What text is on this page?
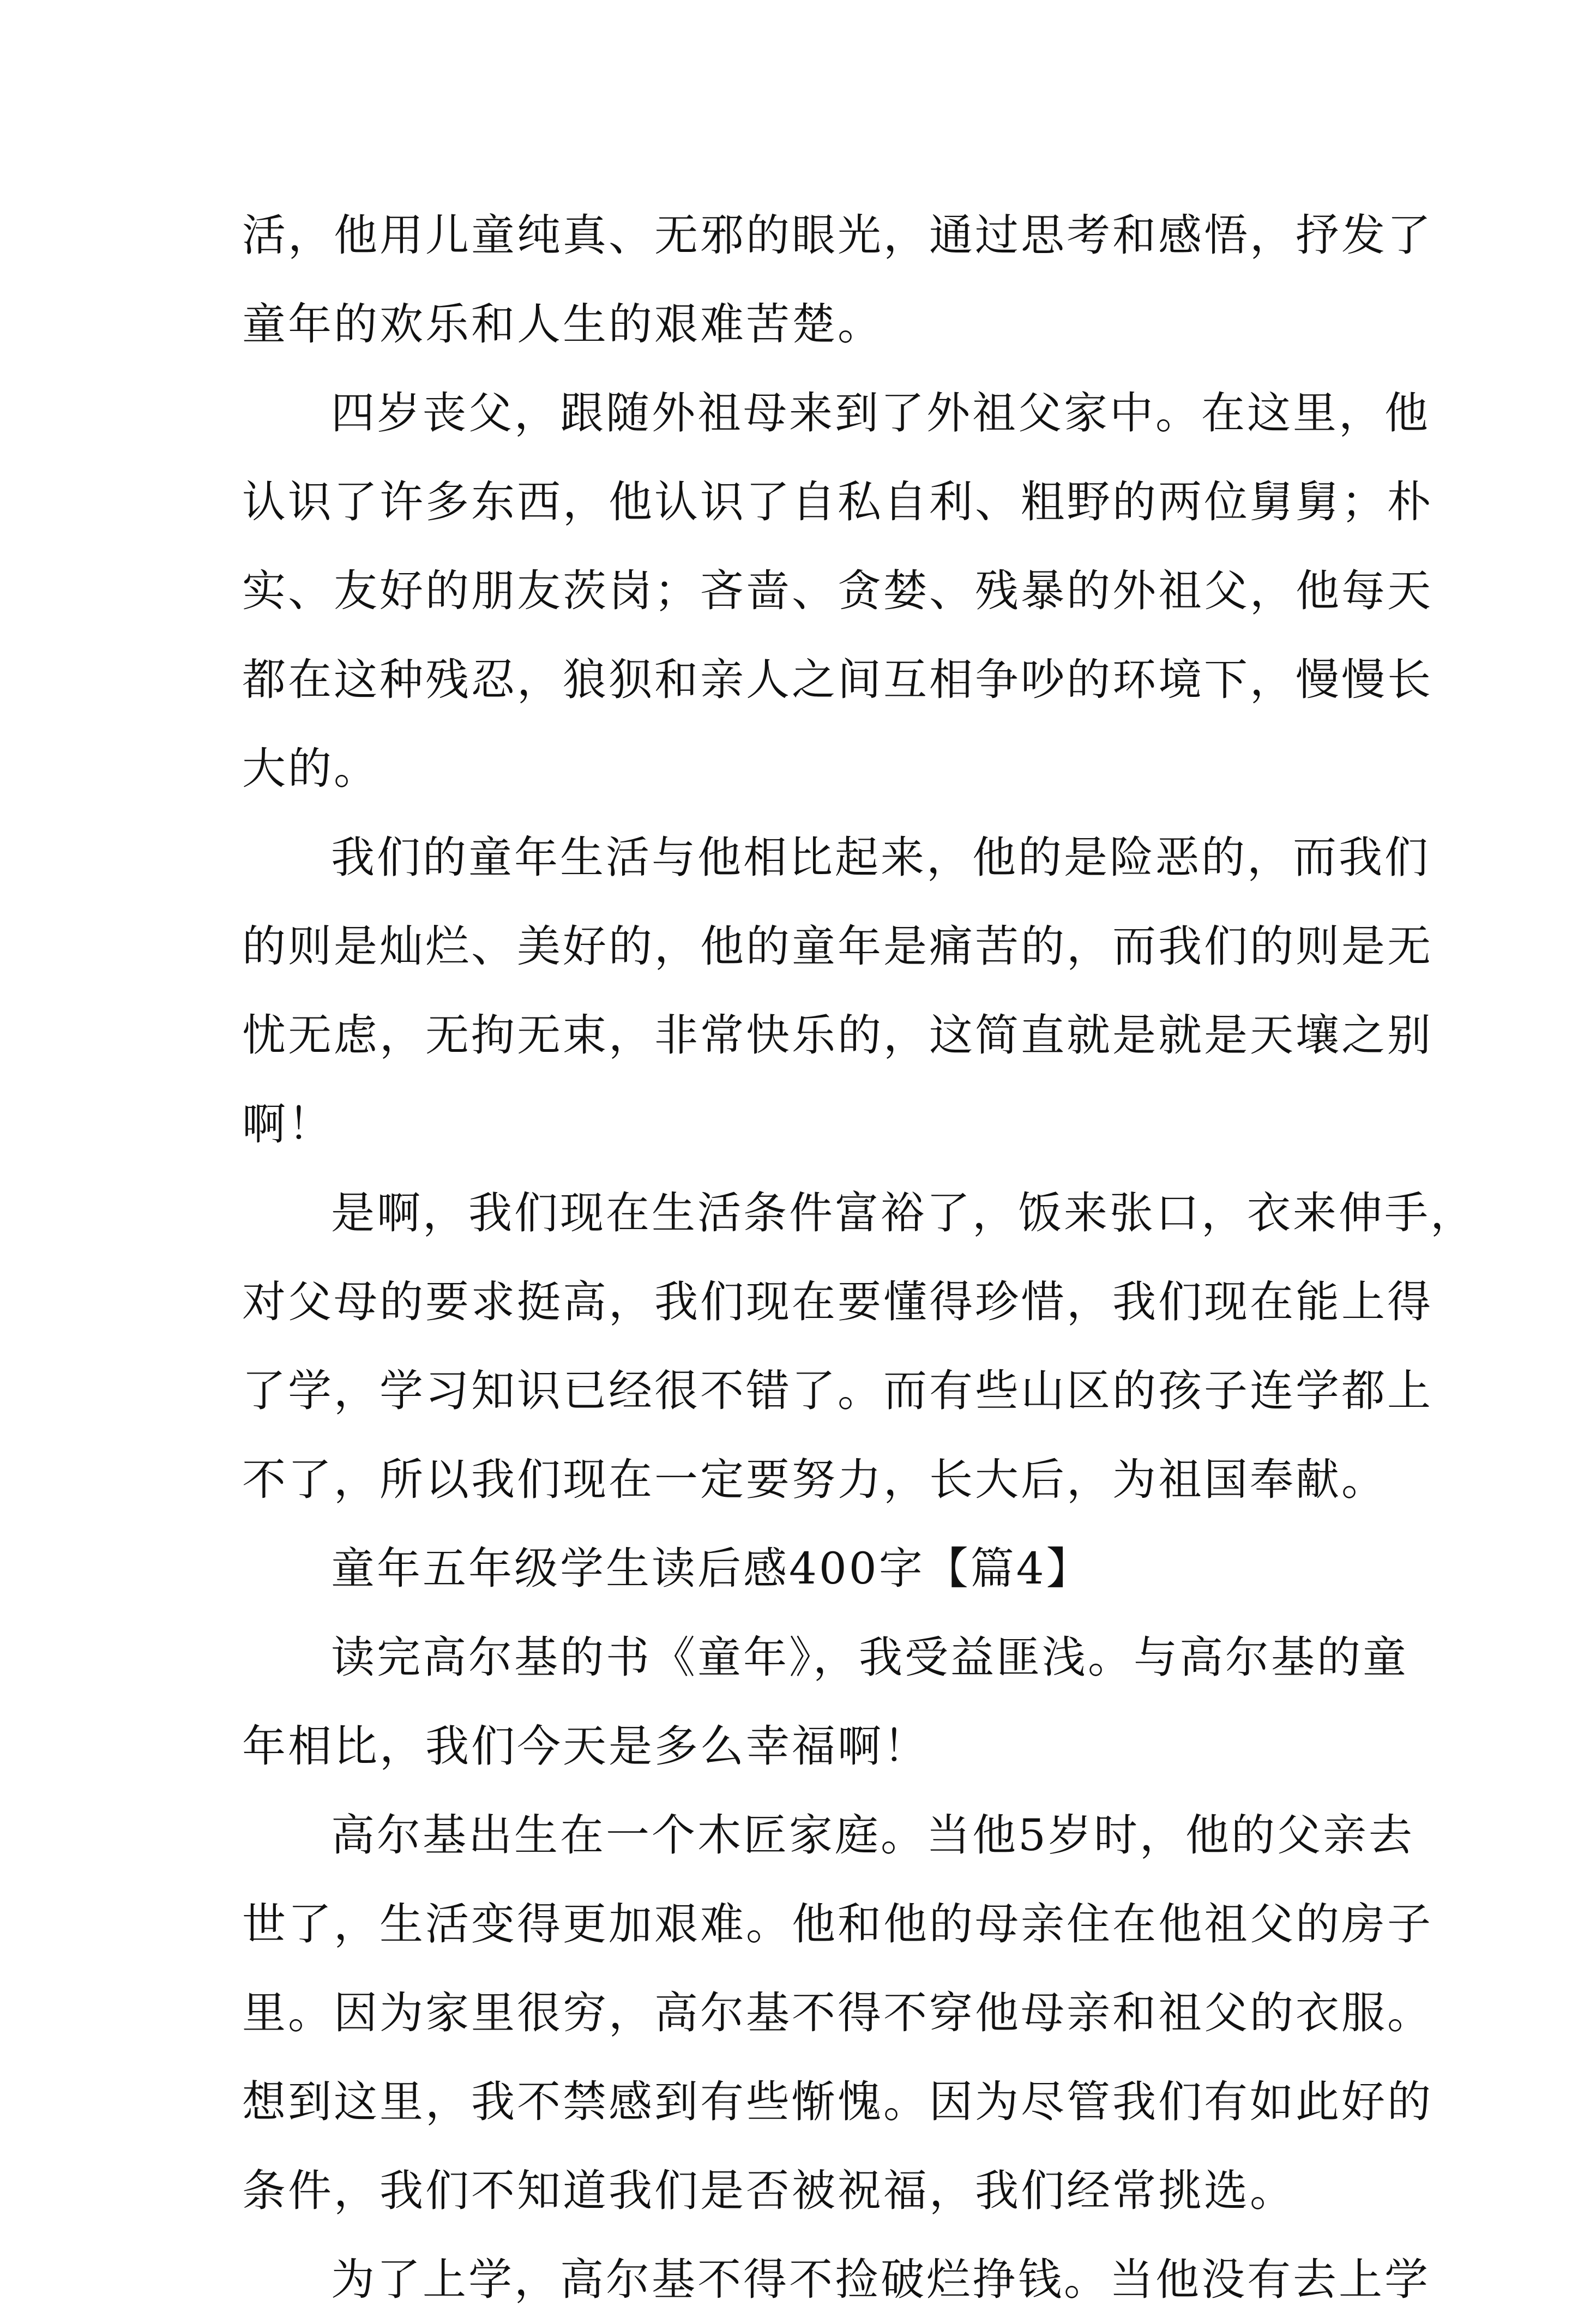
活，他用儿童纯真、无邪的眼光，通过思考和感悟，抒发了
童年的欢乐和人生的艰难苦楚。
四岁丧父，跟随外祖母来到了外祖父家中。在这里，他
认识了许多东西，他认识了自私自利、粗野的两位舅舅；朴
实、友好的朋友茨岗；吝啬、贪婪、残暴的外祖父，他每天
都在这种残忍，狼狈和亲人之间互相争吵的环境下，慢慢长
大的。
我们的童年生活与他相比起来，他的是险恶的，而我们
的则是灿烂、美好的，他的童年是痛苦的，而我们的则是无
忧无虑，无拘无束，非常快乐的，这简直就是就是天壤之别
啊！
是啊，我们现在生活条件富裕了，饭来张口，衣来伸手，
对父母的要求挺高，我们现在要懂得珍惜，我们现在能上得
了学，学习知识已经很不错了。而有些山区的孩子连学都上
不了，所以我们现在一定要努力，长大后，为祖国奉献。
童年五年级学生读后感400字【篇4】
读完高尔基的书《童年》，我受益匪浅。与高尔基的童
年相比，我们今天是多么幸福啊！
高尔基出生在一个木匠家庭。当他5岁时，他的父亲去
世了，生活变得更加艰难。他和他的母亲住在他祖父的房子
里。因为家里很穷，高尔基不得不穿他母亲和祖父的衣服。
想到这里，我不禁感到有些惭愧。因为尽管我们有如此好的
条件，我们不知道我们是否被祝福，我们经常挑选。
为了上学，高尔基不得不捡破烂挣钱。当他没有去上学
